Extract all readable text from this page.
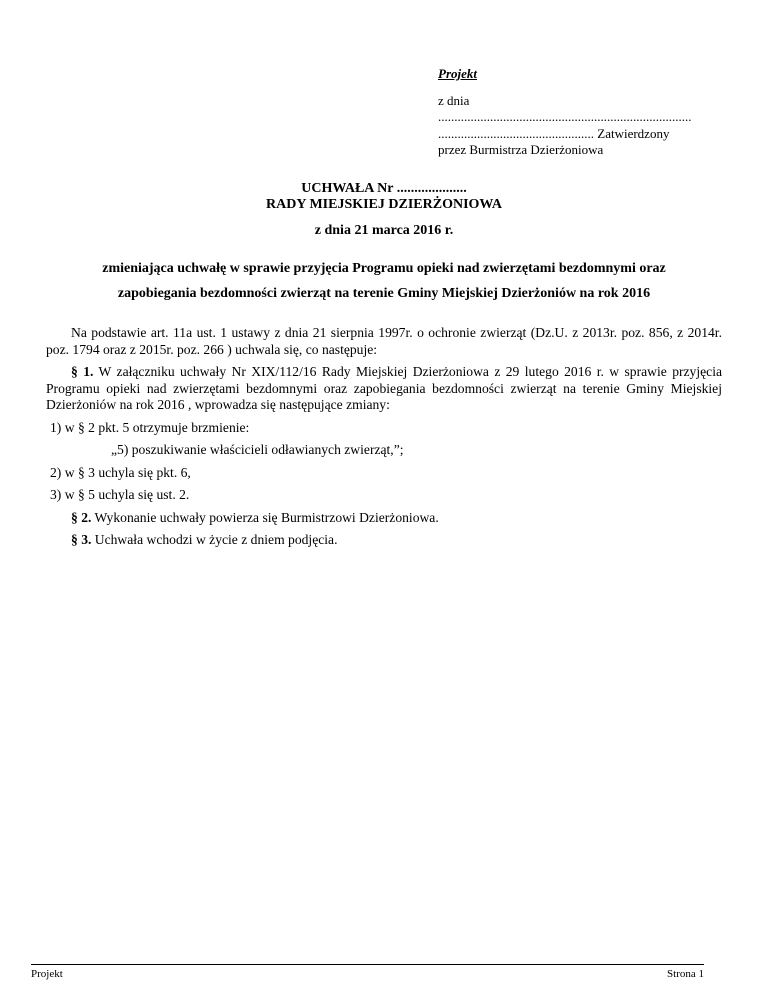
Projekt
z dnia
..............................................................................
................................................ Zatwierdzony
przez Burmistrza Dzierżoniowa
UCHWAŁA Nr ....................
RADY MIEJSKIEJ DZIERŻONIOWA
z dnia 21 marca 2016 r.
zmieniająca uchwałę w sprawie przyjęcia Programu opieki nad zwierzętami bezdomnymi oraz
zapobiegania bezdomności zwierząt na terenie Gminy Miejskiej Dzierżoniów na rok 2016

Na podstawie art. 11a ust. 1 ustawy z dnia 21 sierpnia 1997r. o ochronie zwierząt (Dz.U. z 2013r. poz. 856, z 2014r. poz. 1794 oraz z 2015r. poz. 266 ) uchwala się, co następuje:

§ 1. W załączniku uchwały Nr XIX/112/16 Rady Miejskiej Dzierżoniowa z 29 lutego 2016 r. w sprawie przyjęcia Programu opieki nad zwierzętami bezdomnymi oraz zapobiegania bezdomności zwierząt na terenie Gminy Miejskiej Dzierżoniów na rok 2016 , wprowadza się następujące zmiany:

1) w § 2 pkt. 5 otrzymuje brzmienie:

„5) poszukiwanie właścicieli odławianych zwierząt,”;

2) w § 3 uchyla się pkt. 6,

3) w § 5 uchyla się ust. 2.

§ 2. Wykonanie uchwały powierza się Burmistrzowi Dzierżoniowa.

§ 3. Uchwała wchodzi w życie z dniem podjęcia.

Projekt	Strona 1
